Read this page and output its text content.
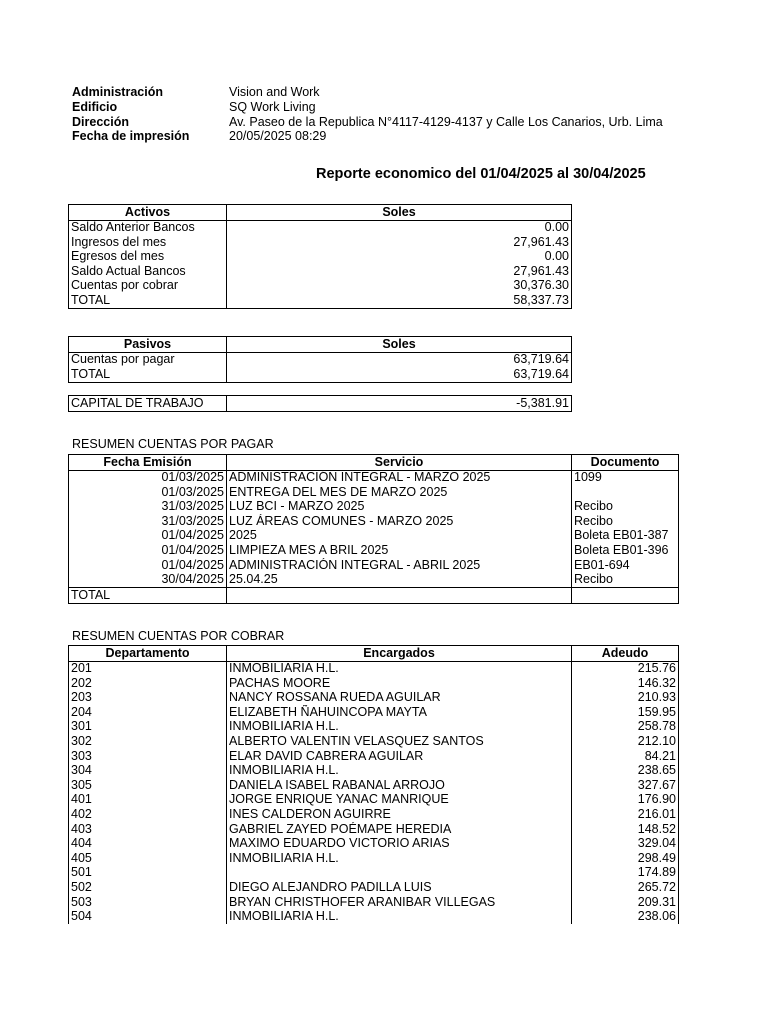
Administración	Vision and Work
Edificio	SQ Work Living
Dirección	Av. Paseo de la Republica N°4117-4129-4137 y Calle Los Canarios, Urb. Lima
Fecha de impresión	20/05/2025 08:29
Reporte economico del 01/04/2025 al 30/04/2025
Activos	Soles
Saldo Anterior Bancos	0.00
Ingresos del mes	27,961.43
Egresos del mes	0.00
Saldo Actual Bancos	27,961.43
Cuentas por cobrar	30,376.30
TOTAL	58,337.73
Pasivos	Soles
Cuentas por pagar	63,719.64
TOTAL	63,719.64
CAPITAL DE TRABAJO	-5,381.91
RESUMEN CUENTAS POR PAGAR
Fecha Emisión	Servicio	Documento
01/03/2025	ADMINISTRACIÓN INTEGRAL - MARZO 2025	1099
01/03/2025	ENTREGA DEL MES DE MARZO 2025	
31/03/2025	LUZ BCI - MARZO 2025	Recibo
31/03/2025	LUZ ÁREAS COMUNES - MARZO 2025	Recibo
01/04/2025	2025	Boleta EB01-387
01/04/2025	LIMPIEZA MES A BRIL 2025	Boleta EB01-396
01/04/2025	ADMINISTRACIÓN INTEGRAL - ABRIL 2025	EB01-694
30/04/2025	25.04.25	Recibo
TOTAL		
RESUMEN CUENTAS POR COBRAR
Departamento	Encargados	Adeudo
201	INMOBILIARIA H.L.	215.76
202	PACHAS MOORE	146.32
203	NANCY ROSSANA RUEDA AGUILAR	210.93
204	ELIZABETH ÑAHUINCOPA MAYTA	159.95
301	INMOBILIARIA H.L.	258.78
302	ALBERTO VALENTIN VELASQUEZ SANTOS	212.10
303	ELAR DAVID CABRERA AGUILAR	84.21
304	INMOBILIARIA H.L.	238.65
305	DANIELA ISABEL RABANAL ARROJO	327.67
401	JORGE ENRIQUE YANAC MANRIQUE	176.90
402	INES CALDERON AGUIRRE	216.01
403	GABRIEL ZAYED POÉMAPE HEREDIA	148.52
404	MAXIMO EDUARDO VICTORIO ARIAS	329.04
405	INMOBILIARIA H.L.	298.49
501		174.89
502	DIEGO ALEJANDRO PADILLA LUIS	265.72
503	BRYAN CHRISTHOFER ARANIBAR VILLEGAS	209.31
504	INMOBILIARIA H.L.	238.06
